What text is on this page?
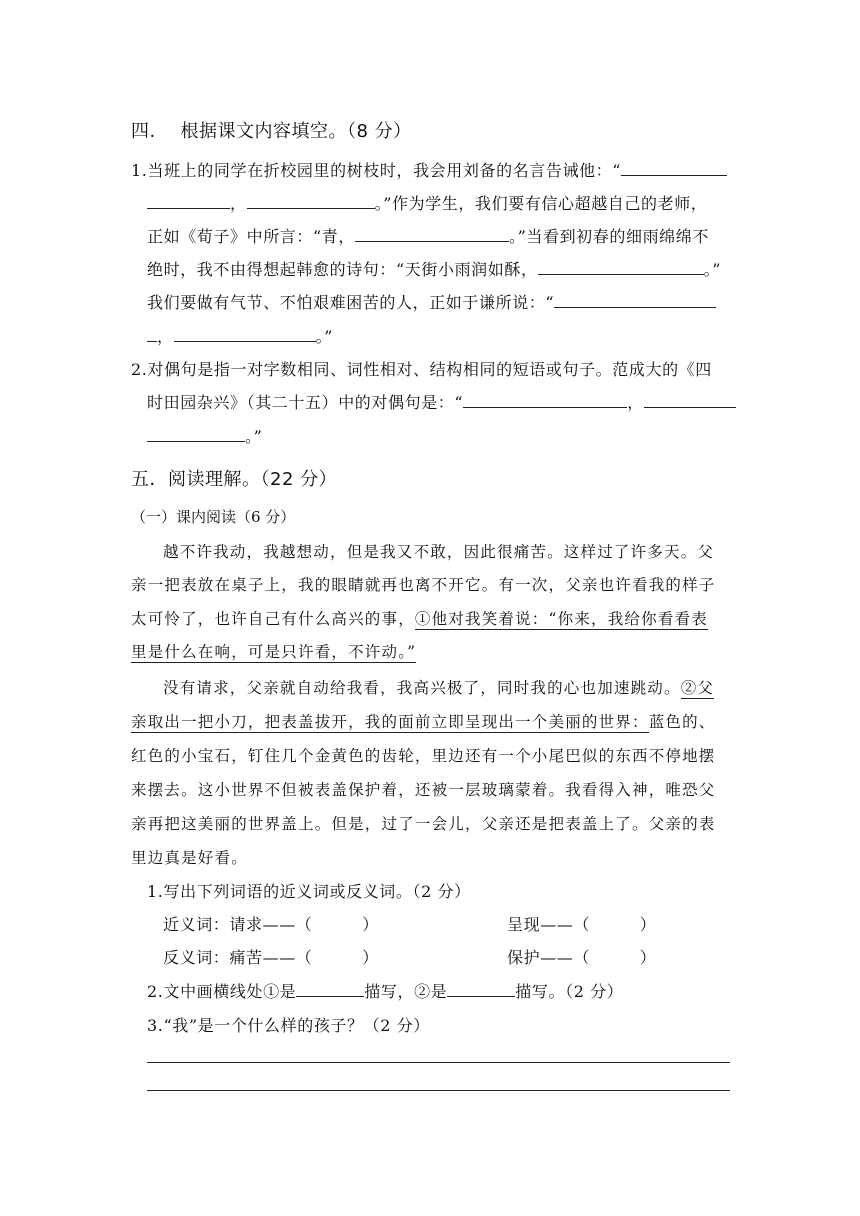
四.　 根据课文内容填空。（8 分）
1.当班上的同学在折校园里的树枝时，我会用刘备的名言告诫他：“
，	。”作为学生，我们要有信心超越自己的老师，
正如《荀子》中所言：“青，	。”当看到初春的细雨绵绵不
绝时，我不由得想起韩愈的诗句：“天街小雨润如酥，	。”
我们要做有气节、不怕艰难困苦的人，正如于谦所说：“
，	。”
2.对偶句是指一对字数相同、词性相对、结构相同的短语或句子。范成大的《四
时田园杂兴》（其二十五）中的对偶句是：“	，
。”
五．阅读理解。（22 分）
（一）课内阅读（6 分）
越不许我动，我越想动，但是我又不敢，因此很痛苦。这样过了许多天。父
亲一把表放在桌子上，我的眼睛就再也离不开它。有一次，父亲也许看我的样子
太可怜了，也许自己有什么高兴的事，①他对我笑着说：“你来，我给你看看表
里是什么在响，可是只许看，不许动。”
没有请求，父亲就自动给我看，我高兴极了，同时我的心也加速跳动。②父
亲取出一把小刀，把表盖拔开，我的面前立即呈现出一个美丽的世界：蓝色的、
红色的小宝石，钉住几个金黄色的齿轮，里边还有一个小尾巴似的东西不停地摆
来摆去。这小世界不但被表盖保护着，还被一层玻璃蒙着。我看得入神，唯恐父
亲再把这美丽的世界盖上。但是，过了一会儿，父亲还是把表盖上了。父亲的表
里边真是好看。
1.写出下列词语的近义词或反义词。（2 分）
近义词：请求——（　　　）	呈现——（　　　）
反义词：痛苦——（　　　）	保护——（　　　）
2.文中画横线处①是	描写，②是	描写。（2 分）
3.“我”是一个什么样的孩子？（2 分）
